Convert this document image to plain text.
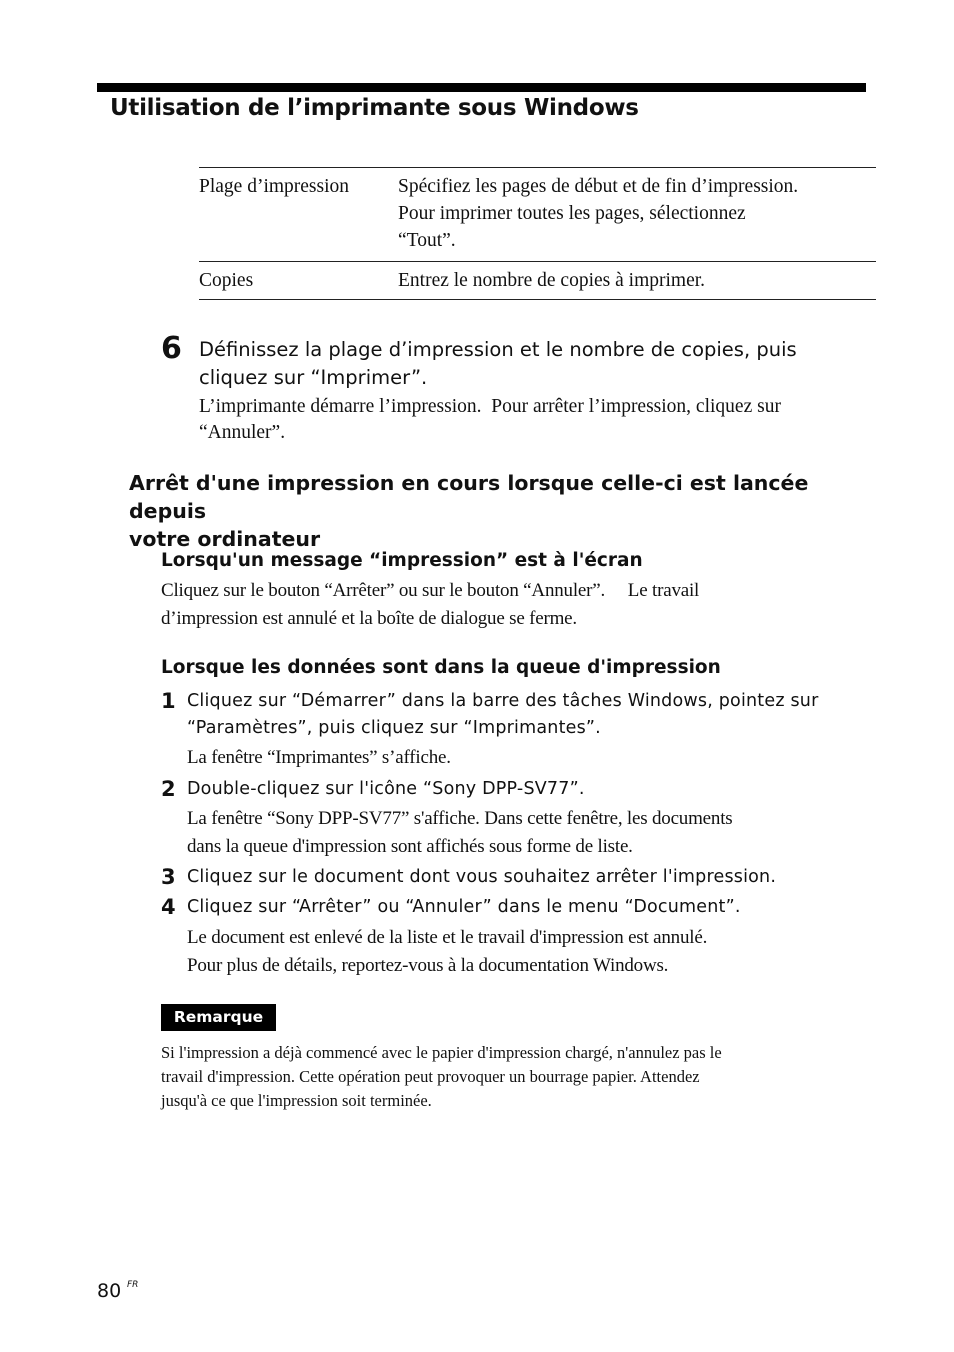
Utilisation de l’imprimante sous Windows
Plage d’impression	Spécifiez les pages de début et de fin d’impression.
Pour imprimer toutes les pages, sélectionnez
“Tout”.

Copies	Entrez le nombre de copies à imprimer.
6 Définissez la plage d’impression et le nombre de copies, puis
cliquez sur “Imprimer”.
L’imprimante démarre l’impression.  Pour arrêter l’impression, cliquez sur
“Annuler”.
Arrêt d'une impression en cours lorsque celle-ci est lancée depuis
votre ordinateur
Lorsqu'un message “impression” est à l'écran
Cliquez sur le bouton “Arrêter” ou sur le bouton “Annuler”.     Le travail
d’impression est annulé et la boîte de dialogue se ferme.
Lorsque les données sont dans la queue d'impression
1 Cliquez sur “Démarrer” dans la barre des tâches Windows, pointez sur
“Paramètres”, puis cliquez sur “Imprimantes”.
La fenêtre “Imprimantes” s’affiche.
2 Double-cliquez sur l'icône “Sony DPP-SV77”.
La fenêtre “Sony DPP-SV77” s'affiche. Dans cette fenêtre, les documents
dans la queue d'impression sont affichés sous forme de liste.
3 Cliquez sur le document dont vous souhaitez arrêter l'impression.
4 Cliquez sur “Arrêter” ou “Annuler” dans le menu “Document”.
Le document est enlevé de la liste et le travail d'impression est annulé.
Pour plus de détails, reportez-vous à la documentation Windows.
Remarque
Si l'impression a déjà commencé avec le papier d'impression chargé, n'annulez pas le
travail d'impression. Cette opération peut provoquer un bourrage papier. Attendez
jusqu'à ce que l'impression soit terminée.
80 FR
